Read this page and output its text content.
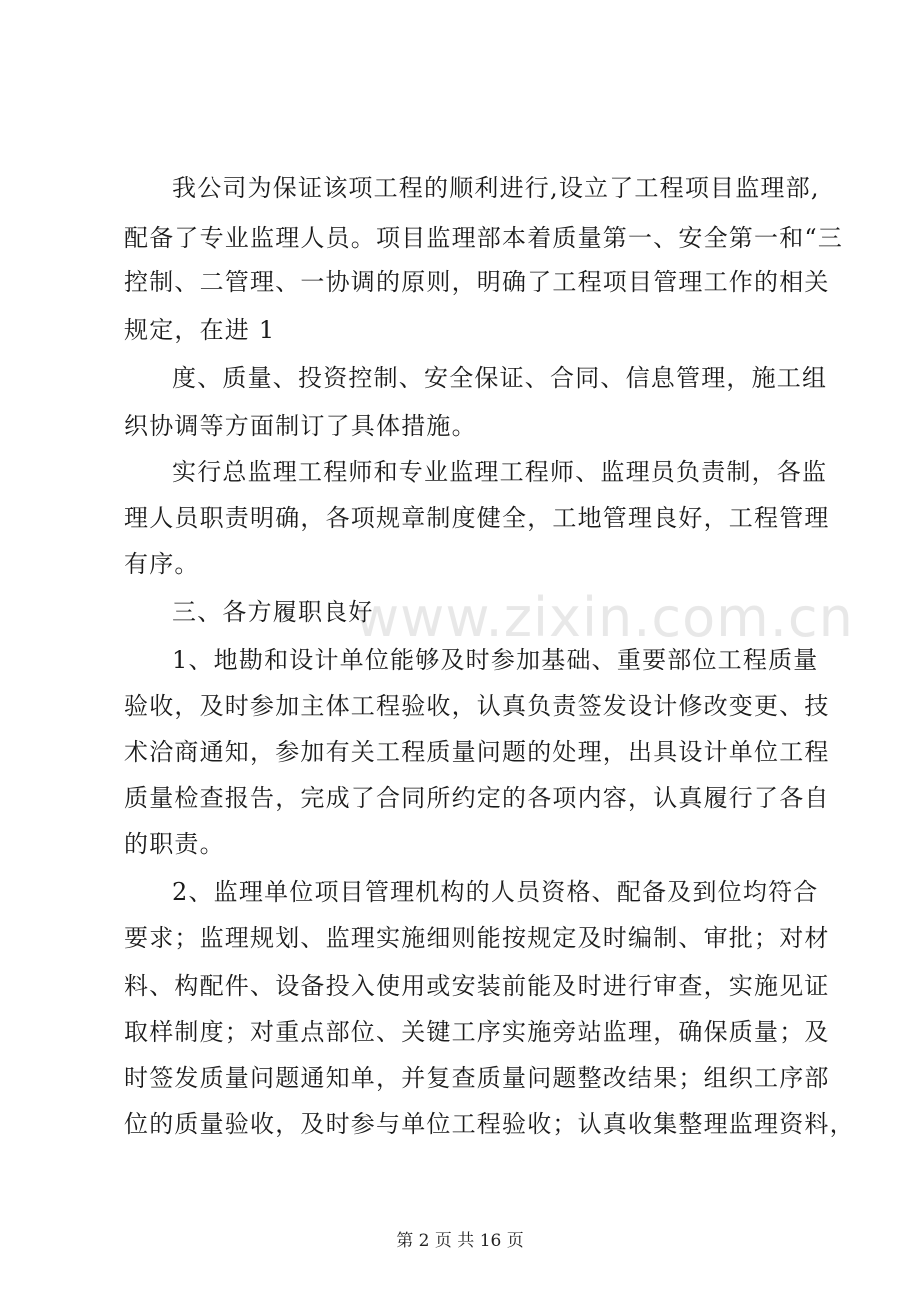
www.zixin.com.cn
我公司为保证该项工程的顺利进行,设立了工程项目监理部,
配备了专业监理人员。项目监理部本着质量第一、安全第一和“三
控制、二管理、一协调的原则，明确了工程项目管理工作的相关
规定，在进 1
度、质量、投资控制、安全保证、合同、信息管理，施工组
织协调等方面制订了具体措施。
实行总监理工程师和专业监理工程师、监理员负责制，各监
理人员职责明确，各项规章制度健全，工地管理良好，工程管理
有序。
三、各方履职良好
1、地勘和设计单位能够及时参加基础、重要部位工程质量
验收，及时参加主体工程验收，认真负责签发设计修改变更、技
术洽商通知，参加有关工程质量问题的处理，出具设计单位工程
质量检查报告，完成了合同所约定的各项内容，认真履行了各自
的职责。
2、监理单位项目管理机构的人员资格、配备及到位均符合
要求；监理规划、监理实施细则能按规定及时编制、审批；对材
料、构配件、设备投入使用或安装前能及时进行审查，实施见证
取样制度；对重点部位、关键工序实施旁站监理，确保质量；及
时签发质量问题通知单，并复查质量问题整改结果；组织工序部
位的质量验收，及时参与单位工程验收；认真收集整理监理资料，
第 2 页 共 16 页
